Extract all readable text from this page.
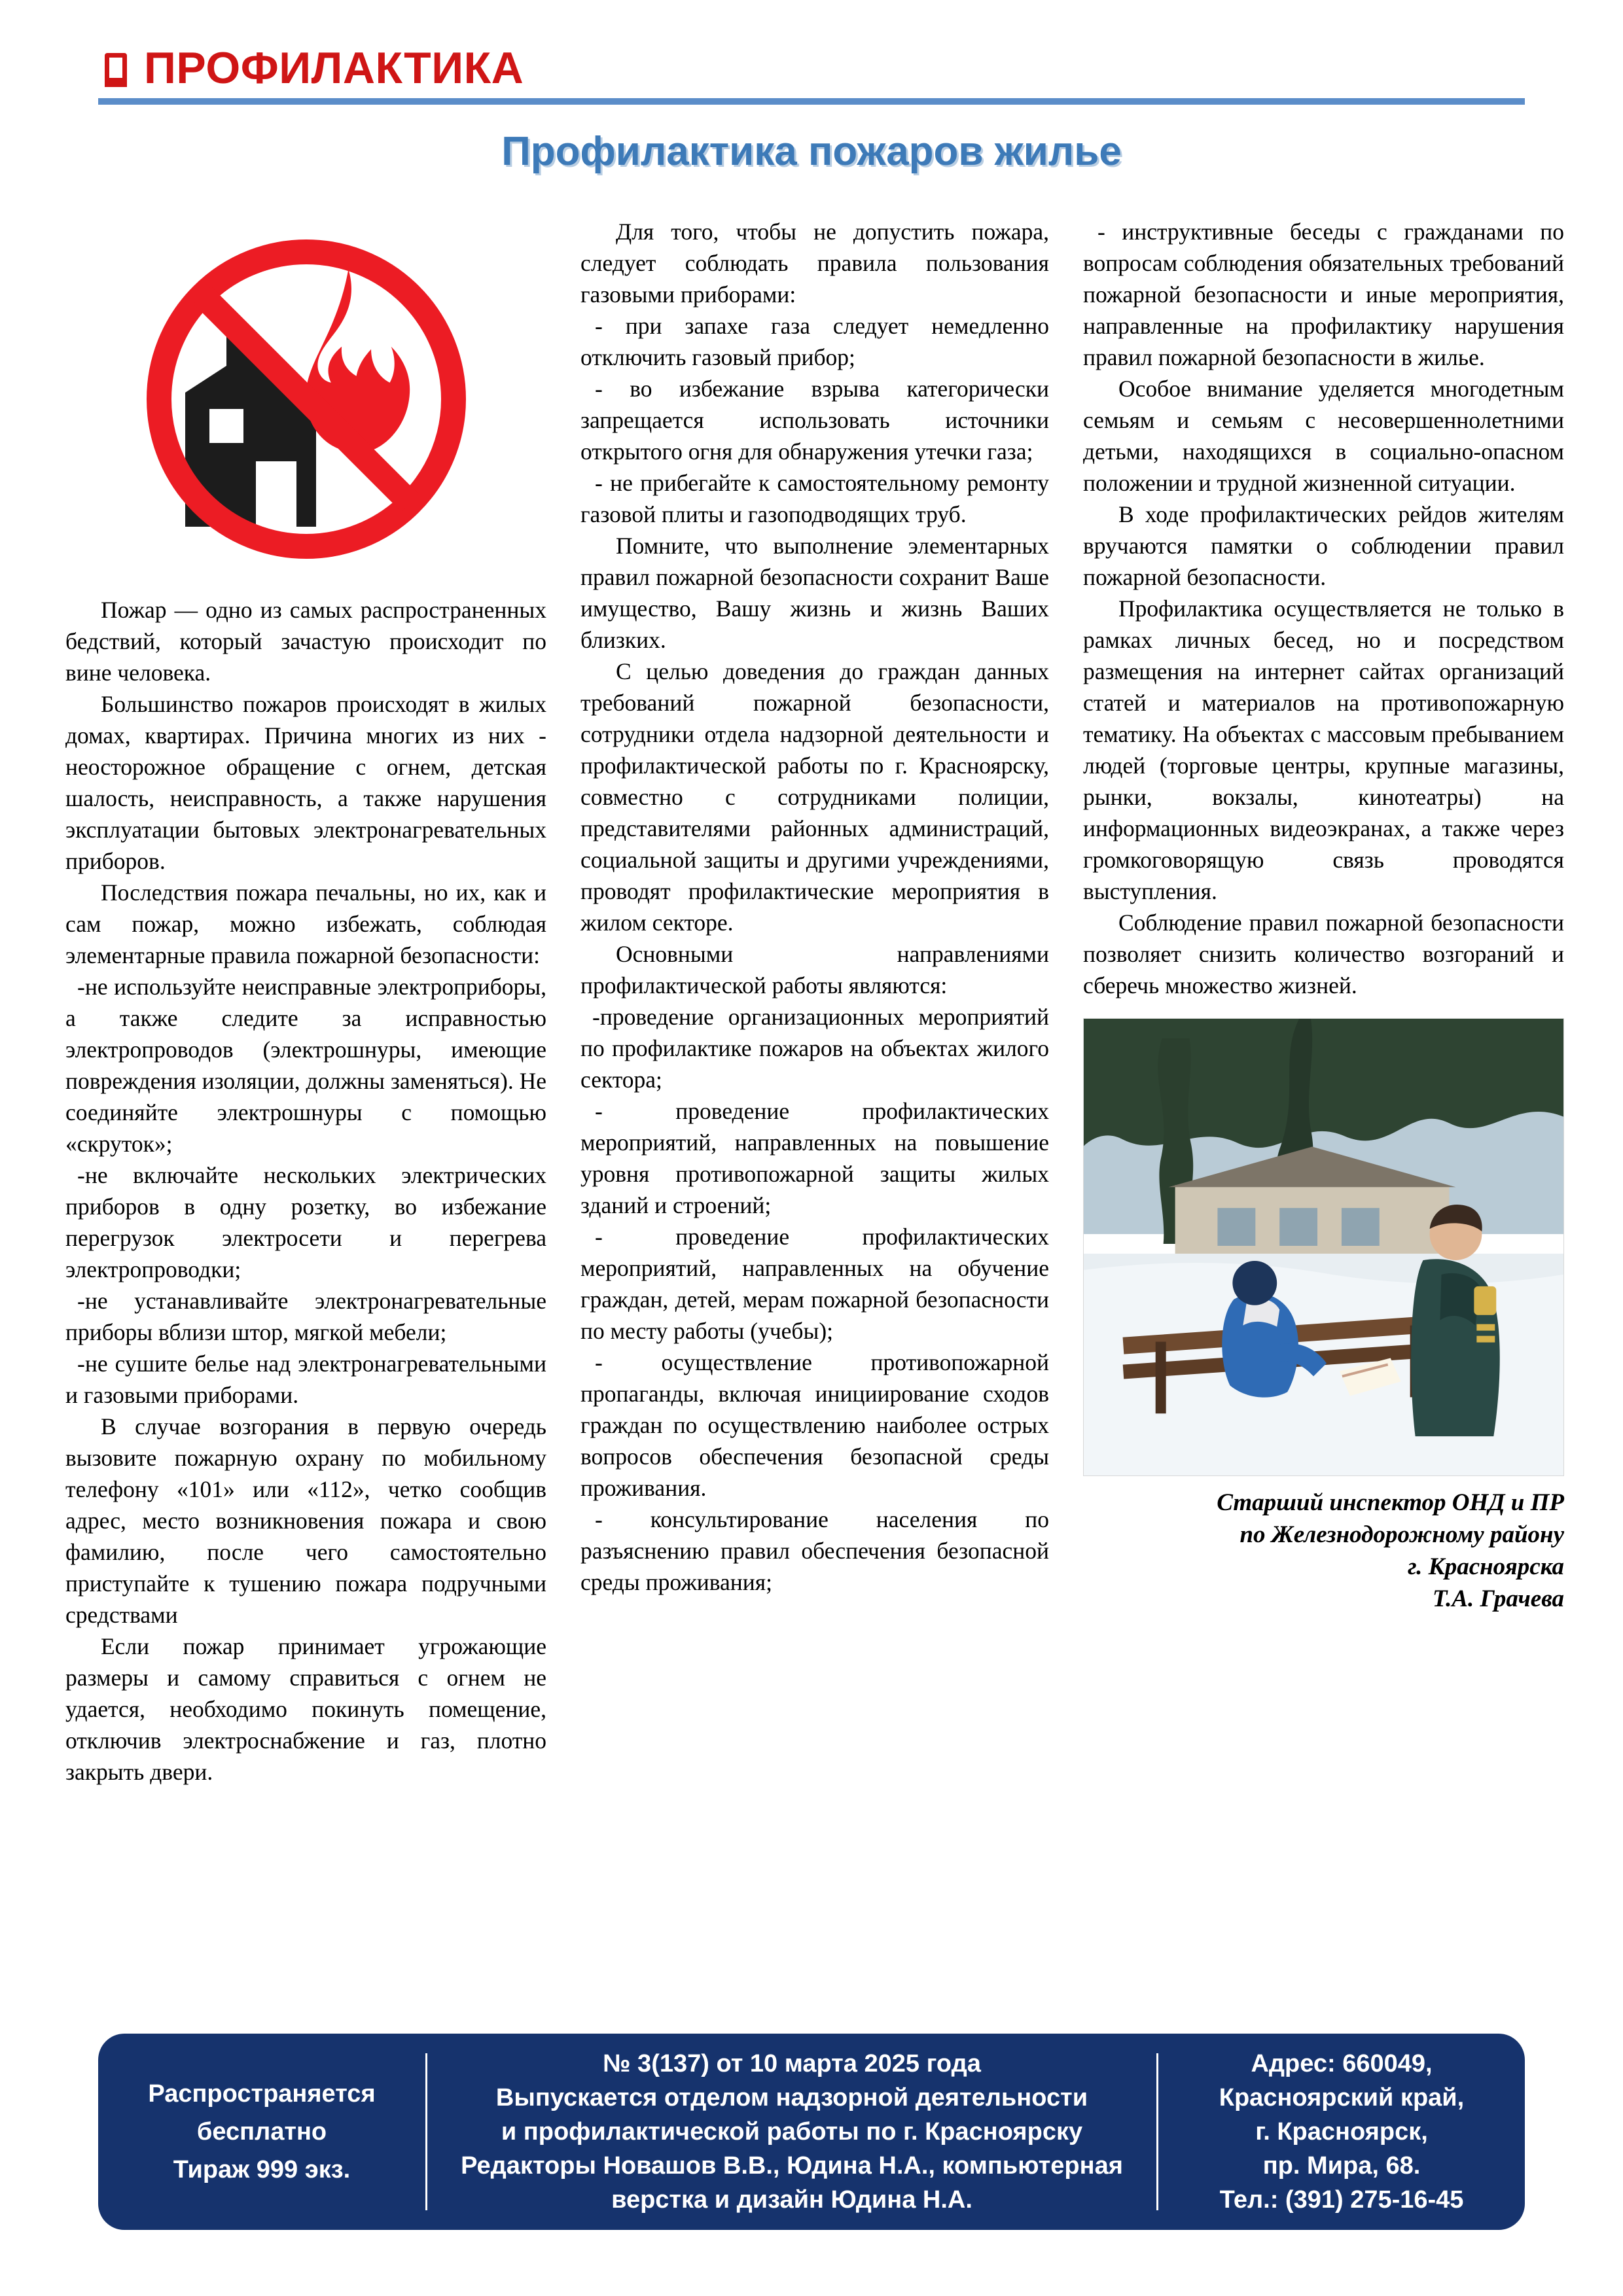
ПРОФИЛАКТИКА
Профилактика пожаров жилье

Пожар — одно из самых распространенных бедствий, который зачастую происходит по вине человека.

Большинство пожаров происходят в жилых домах, квартирах. Причина многих из них - неосторожное обращение с огнем, детская шалость, неисправность, а также нарушения эксплуатации бытовых электронагревательных приборов.

Последствия пожара печальны, но их, как и сам пожар, можно избежать, соблюдая элементарные правила пожарной безопасности:

-не используйте неисправные электроприборы, а также следите за исправностью электропроводов (электрошнуры, имеющие повреждения изоляции, должны заменяться). Не соединяйте электрошнуры с помощью «скруток»;

-не включайте нескольких электрических приборов в одну розетку, во избежание перегрузок электросети и перегрева электропроводки;

-не устанавливайте электронагревательные приборы вблизи штор, мягкой мебели;

-не сушите белье над электронагревательными и газовыми приборами.

В случае возгорания в первую очередь вызовите пожарную охрану по мобильному телефону «101» или «112», четко сообщив адрес, место возникновения пожара и свою фамилию, после чего самостоятельно приступайте к тушению пожара подручными средствами

Если пожар принимает угрожающие размеры и самому справиться с огнем не удается, необходимо покинуть помещение, отключив электроснабжение и газ, плотно закрыть двери.

Для того, чтобы не допустить пожара, следует соблюдать правила пользования газовыми приборами:

- при запахе газа следует немедленно отключить газовый прибор;

- во избежание взрыва категорически запрещается использовать источники открытого огня для обнаружения утечки газа;

- не прибегайте к самостоятельному ремонту газовой плиты и газоподводящих труб.

Помните, что выполнение элементарных правил пожарной безопасности сохранит Ваше имущество, Вашу жизнь и жизнь Ваших близких.

С целью доведения до граждан данных требований пожарной безопасности, сотрудники отдела надзорной деятельности и профилактической работы по г. Красноярску, совместно с сотрудниками полиции, представителями районных администраций, социальной защиты и другими учреждениями, проводят профилактические мероприятия в жилом секторе.

Основными направлениями профилактической работы являются:

-проведение организационных мероприятий по профилактике пожаров на объектах жилого сектора;

- проведение профилактических мероприятий, направленных на повышение уровня противопожарной защиты жилых зданий и строений;

- проведение профилактических мероприятий, направленных на обучение граждан, детей, мерам пожарной безопасности по месту работы (учебы);

- осуществление противопожарной пропаганды, включая инициирование сходов граждан по осуществлению наиболее острых вопросов обеспечения безопасной среды проживания.

- консультирование населения по разъяснению правил обеспечения безопасной среды проживания;

- инструктивные беседы с гражданами по вопросам соблюдения обязательных требований пожарной безопасности и иные мероприятия, направленные на профилактику нарушения правил пожарной безопасности в жилье.

Особое внимание уделяется многодетным семьям и семьям с несовершеннолетними детьми, находящихся в социально-опасном положении и трудной жизненной ситуации.

В ходе профилактических рейдов жителям вручаются памятки о соблюдении правил пожарной безопасности.

Профилактика осуществляется не только в рамках личных бесед, но и посредством размещения на интернет сайтах организаций статей и материалов на противопожарную тематику. На объектах с массовым пребыванием людей (торговые центры, крупные магазины, рынки, вокзалы, кинотеатры) на информационных видеоэкранах, а также через громкоговорящую связь проводятся выступления.

Соблюдение правил пожарной безопасности позволяет снизить количество возгораний и сберечь множество жизней.

Старший инспектор ОНД и ПР
по Железнодорожному району
г. Красноярска
Т.А. Грачева
Распространяется
бесплатно
Тираж 999 экз.
№ 3(137) от 10 марта 2025 года
Выпускается отделом надзорной деятельности
и профилактической работы по г. Красноярску
Редакторы Новашов В.В., Юдина Н.А., компьютерная
верстка и дизайн Юдина Н.А.
Адрес: 660049,
Красноярский край,
г. Красноярск,
пр. Мира, 68.
Тел.: (391) 275-16-45
